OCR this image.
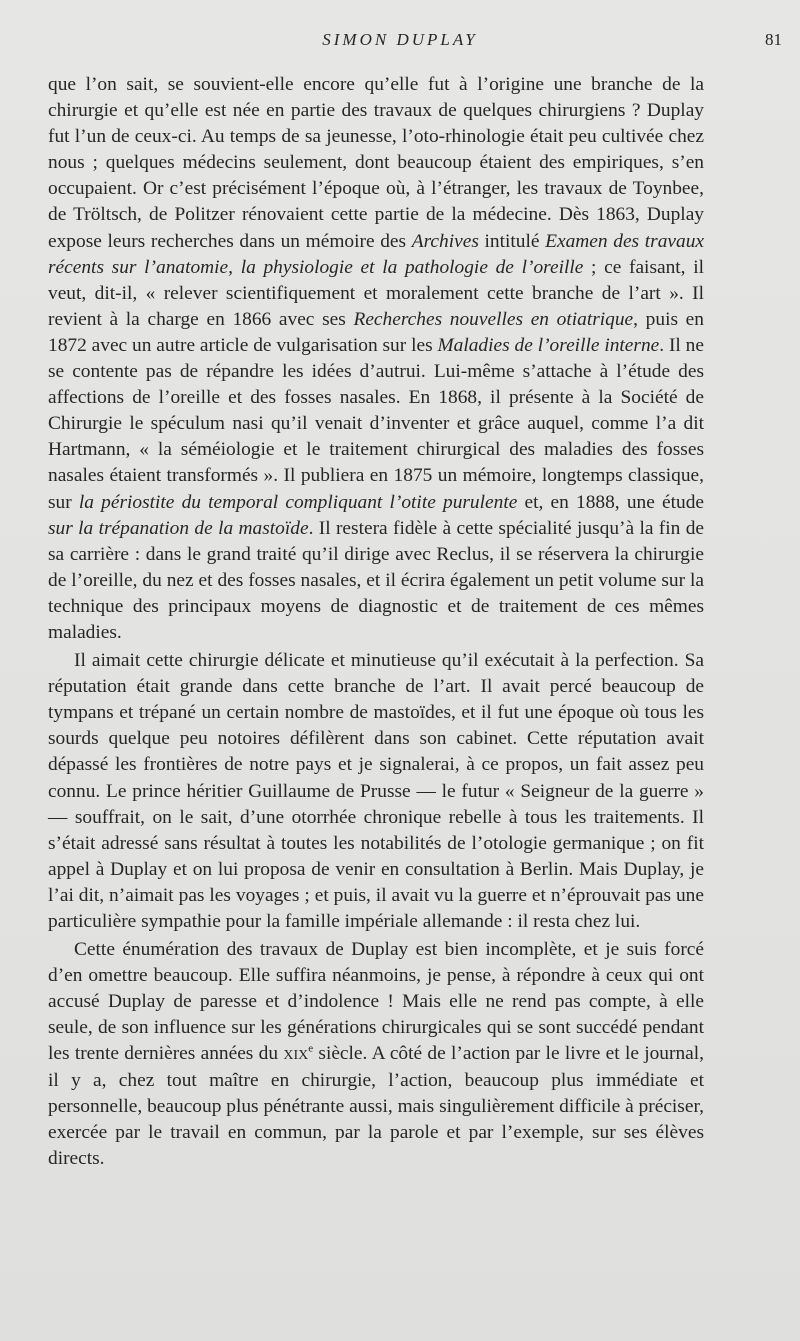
SIMON DUPLAY	81

que l’on sait, se souvient-elle encore qu’elle fut à l’origine une branche de la chirurgie et qu’elle est née en partie des travaux de quelques chirurgiens ? Duplay fut l’un de ceux-ci. Au temps de sa jeunesse, l’oto-rhinologie était peu cultivée chez nous ; quelques médecins seulement, dont beaucoup étaient des empiriques, s’en occupaient. Or c’est précisément l’époque où, à l’étranger, les travaux de Toynbee, de Tröltsch, de Politzer rénovaient cette partie de la médecine. Dès 1863, Duplay expose leurs recherches dans un mémoire des Archives intitulé Examen des travaux récents sur l’anatomie, la physiologie et la pathologie de l’oreille ; ce faisant, il veut, dit-il, « relever scientifiquement et moralement cette branche de l’art ». Il revient à la charge en 1866 avec ses Recherches nouvelles en otiatrique, puis en 1872 avec un autre article de vulgarisation sur les Maladies de l’oreille interne. Il ne se contente pas de répandre les idées d’autrui. Lui-même s’attache à l’étude des affections de l’oreille et des fosses nasales. En 1868, il présente à la Société de Chirurgie le spéculum nasi qu’il venait d’inventer et grâce auquel, comme l’a dit Hartmann, « la séméiologie et le traitement chirurgical des maladies des fosses nasales étaient transformés ». Il publiera en 1875 un mémoire, longtemps classique, sur la périostite du temporal compliquant l’otite purulente et, en 1888, une étude sur la trépanation de la mastoïde. Il restera fidèle à cette spécialité jusqu’à la fin de sa carrière : dans le grand traité qu’il dirige avec Reclus, il se réservera la chirurgie de l’oreille, du nez et des fosses nasales, et il écrira également un petit volume sur la technique des principaux moyens de diagnostic et de traitement de ces mêmes maladies.

Il aimait cette chirurgie délicate et minutieuse qu’il exécutait à la perfection. Sa réputation était grande dans cette branche de l’art. Il avait percé beaucoup de tympans et trépané un certain nombre de mastoïdes, et il fut une époque où tous les sourds quelque peu notoires défilèrent dans son cabinet. Cette réputation avait dépassé les frontières de notre pays et je signalerai, à ce propos, un fait assez peu connu. Le prince héritier Guillaume de Prusse — le futur « Seigneur de la guerre » — souffrait, on le sait, d’une otorrhée chronique rebelle à tous les traitements. Il s’était adressé sans résultat à toutes les notabilités de l’otologie germanique ; on fit appel à Duplay et on lui proposa de venir en consultation à Berlin. Mais Duplay, je l’ai dit, n’aimait pas les voyages ; et puis, il avait vu la guerre et n’éprouvait pas une particulière sympathie pour la famille impériale allemande : il resta chez lui.

Cette énumération des travaux de Duplay est bien incomplète, et je suis forcé d’en omettre beaucoup. Elle suffira néanmoins, je pense, à répondre à ceux qui ont accusé Duplay de paresse et d’indolence ! Mais elle ne rend pas compte, à elle seule, de son influence sur les générations chirurgicales qui se sont succédé pendant les trente dernières années du xix$^e$ siècle. A côté de l’action par le livre et le journal, il y a, chez tout maître en chirurgie, l’action, beaucoup plus immédiate et personnelle, beaucoup plus pénétrante aussi, mais singulièrement difficile à préciser, exercée par le travail en commun, par la parole et par l’exemple, sur ses élèves directs.
